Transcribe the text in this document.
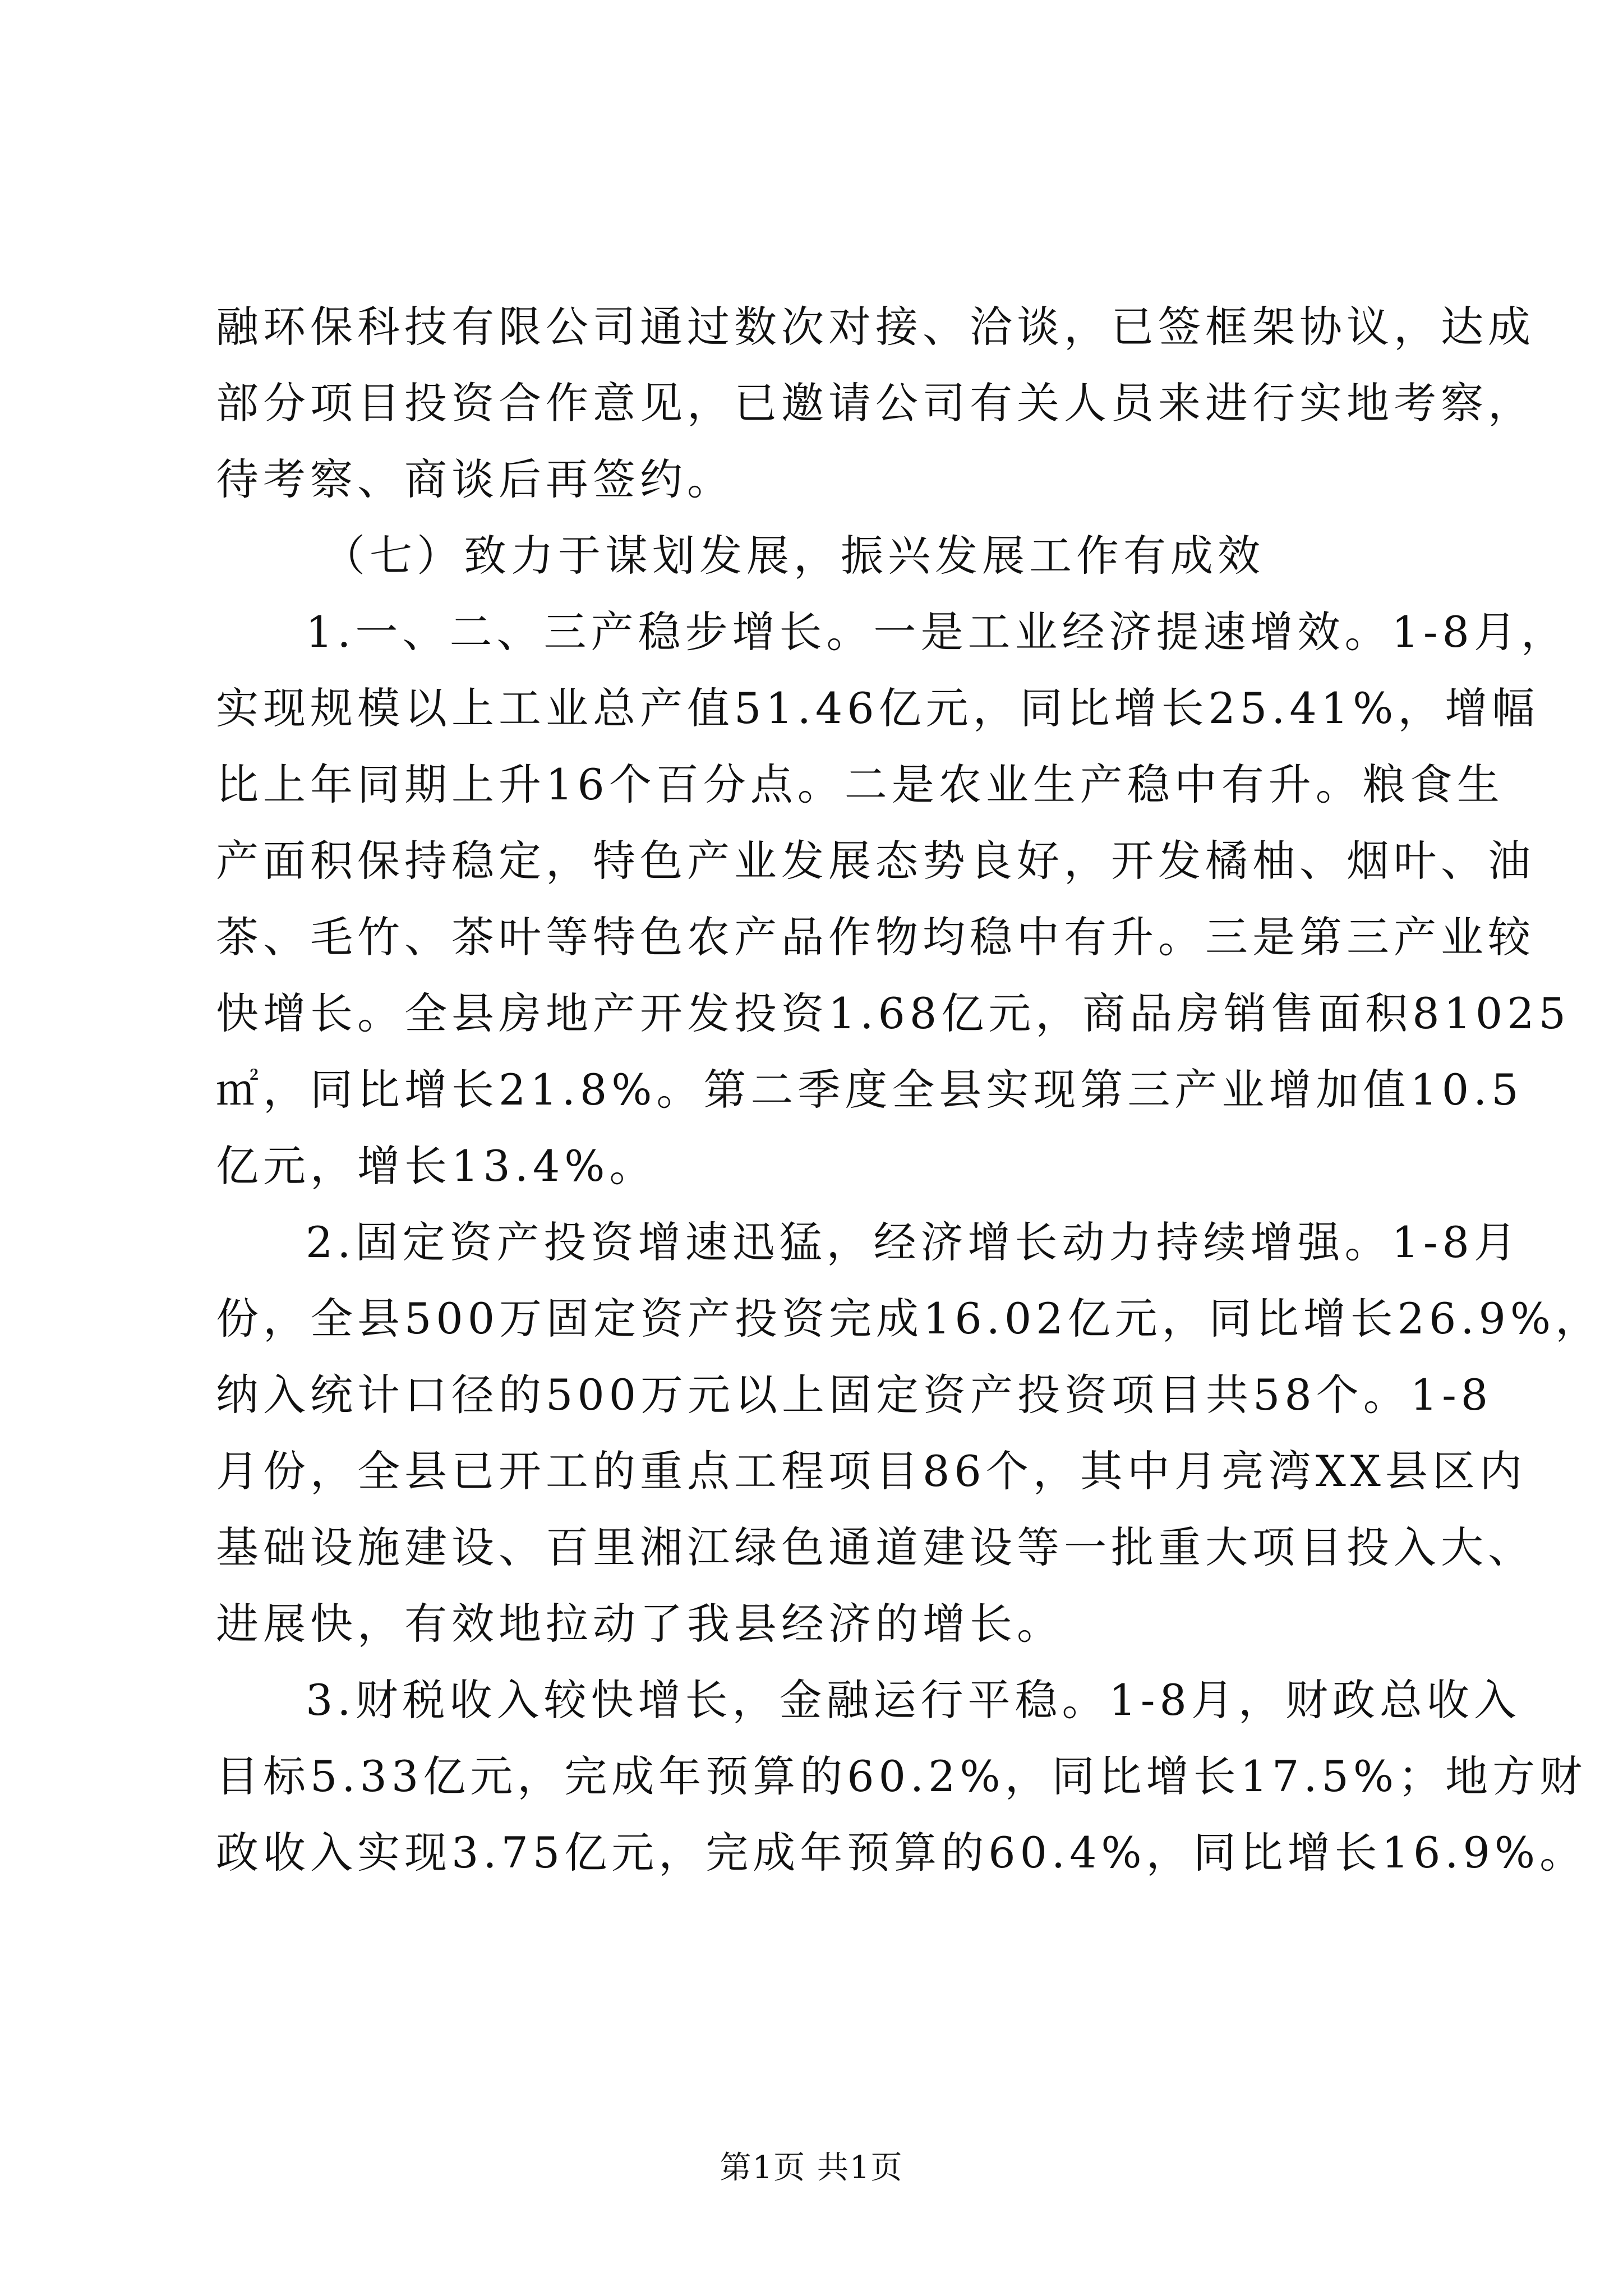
融环保科技有限公司通过数次对接、洽谈，已签框架协议，达成
部分项目投资合作意见，已邀请公司有关人员来进行实地考察，
待考察、商谈后再签约。
（七）致力于谋划发展，振兴发展工作有成效
1.一、二、三产稳步增长。一是工业经济提速增效。1-8月，
实现规模以上工业总产值51.46亿元，同比增长25.41%，增幅
比上年同期上升16个百分点。二是农业生产稳中有升。粮食生
产面积保持稳定，特色产业发展态势良好，开发橘柚、烟叶、油
茶、毛竹、茶叶等特色农产品作物均稳中有升。三是第三产业较
快增长。全县房地产开发投资1.68亿元，商品房销售面积81025
㎡，同比增长21.8%。第二季度全县实现第三产业增加值10.5
亿元，增长13.4%。
2.固定资产投资增速迅猛，经济增长动力持续增强。1-8月
份，全县500万固定资产投资完成16.02亿元，同比增长26.9%，
纳入统计口径的500万元以上固定资产投资项目共58个。1-8
月份，全县已开工的重点工程项目86个，其中月亮湾XX县区内
基础设施建设、百里湘江绿色通道建设等一批重大项目投入大、
进展快，有效地拉动了我县经济的增长。
3.财税收入较快增长，金融运行平稳。1-8月，财政总收入
目标5.33亿元，完成年预算的60.2%，同比增长17.5%；地方财
政收入实现3.75亿元，完成年预算的60.4%，同比增长16.9%。
第1页 共1页
